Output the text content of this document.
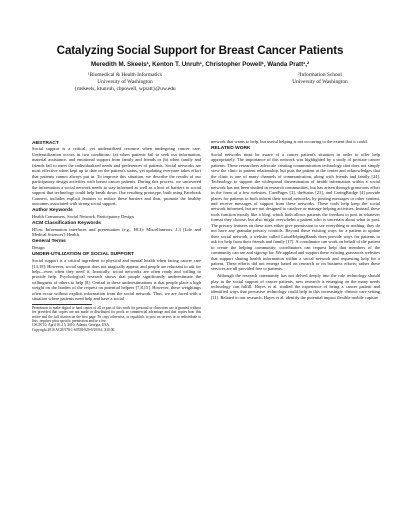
Catalyzing Social Support for Breast Cancer Patients
Meredith M. Skeels¹, Kenton T. Unruh¹, Christopher Powell¹, Wanda Pratt¹,²
¹Biomedical & Health Informatics
University of Washington
{mskeels, ktunruh, cbpowell, wpratt}@uw.edu
²Information School
University of Washington
ABSTRACT
Social support is a critical, yet underutilized resource when undergoing cancer care. Underutilization occurs in two conditions: (a) when patients fail to seek out information, material assistance, and emotional support from family and friends or (b) when family and friends fail to meet the individualized needs and preferences of patients. Social networks are most effective when kept up to date on the patient's status, yet updating everyone takes effort that patients cannot always put in. To improve this situation, we describe the results of our participatory design activities with breast cancer patients. During this process, we uncovered the information a social network needs to stay informed as well as a host of barriers to social support that technology could help break down. Our resulting prototype, built using Facebook Connect, includes explicit features to reduce these barriers and thus, promote the healthy outcomes associated with strong social support.
Author Keywords
Health Consumers, Social Network, Participatory Design
ACM Classification Keywords
H5.m. Information interfaces and presentation (e.g., HCI): Miscellaneous. J.3 [Life and Medical Sciences]: Health.
General Terms
Design
UNDER-UTILIZATION OF SOCIAL SUPPORT
Social support is a critical ingredient to physical and mental health when facing cancer care [13,18]. However, social support does not magically appear, and people are reluctant to ask for help—even when they need it. Ironically, social networks are often ready and willing to provide help. Psychological research shows that people significantly underestimate the willingness of others to help [8]. Central to these underestimations is that people place a high weight on the burden of the request on potential helpers [7,8,15]. However, these weightings often occur without explicit information from the social network. Thus, we are faced with a situation where patients need help and have a social
Permission to make digital or hard copies of all or part of this work for personal or classroom use is granted without fee provided that copies are not made or distributed for profit or commercial advantage and that copies bear this notice and the full citation on the first page. To copy otherwise, or republish, to post on servers or to redistribute to lists, requires prior specific permission and/or a fee.
CSCW'10, April 10–15, 2010, Atlanta, Georgia, USA.
Copyright 2010 ACM 978-1-60558-929-9/10/04...$10.00.
network that wants to help, but useful helping is not occurring to the extent that it could.
RELATED WORK
Social networks must be aware of a cancer patient's situation in order to offer help appropriately. The importance of this network was highlighted by a study of prostate cancer patients. These researchers advocate creating communication technology that does not simply view the clinic to patient relationship, but puts the patient at the center and acknowledges that the clinic is one of many channels of communication, along with friends and family [24]. Technology to support the widespread dissemination of health information within a social network has not been studied in research communities, but has arisen through grassroots effort in the form of a few websites. CarePages [3], theStatus [23], and CaringBridge [4] provide places for patients to both inform their social networks, by posting messages or other content, and receive messages of support from these networks. These tools help keep the social network informed, but are not designed to catalyze or manage helping activities. Instead, these tools function mostly like a blog, which both allows patients the freedom to post in whatever format they choose, but also might overwhelm a patient who is uncertain about what to post. The privacy features on these sites either give permission to see everything or nothing, they do not have any granular privacy controls. Beyond these existing ways for a patient to update their social network, a website called LotsaHelpingHands does provide ways for patients to ask for help from their friends and family [17]. A coordinator can work on behalf of the patient to create the helping community; coordinators can request help that members of the community can see and sign-up for. We applaud and support these existing grassroots websites that support sharing health information within a social network and requesting help for a patient. These efforts did not emerge based on research or on business efforts; rather these services are all provided free to patients.
Although the research community has not delved deeply into the role technology should play in the social support of cancer patients, new research is emerging on the many needs technology can fulfill. Hayes et al. studied the experience of being a cancer patient and identified ways that pervasive technology could help in this increasingly chronic care setting [11]. Related to our research, Hayes et al. identify the potential impact flexible mobile capture
